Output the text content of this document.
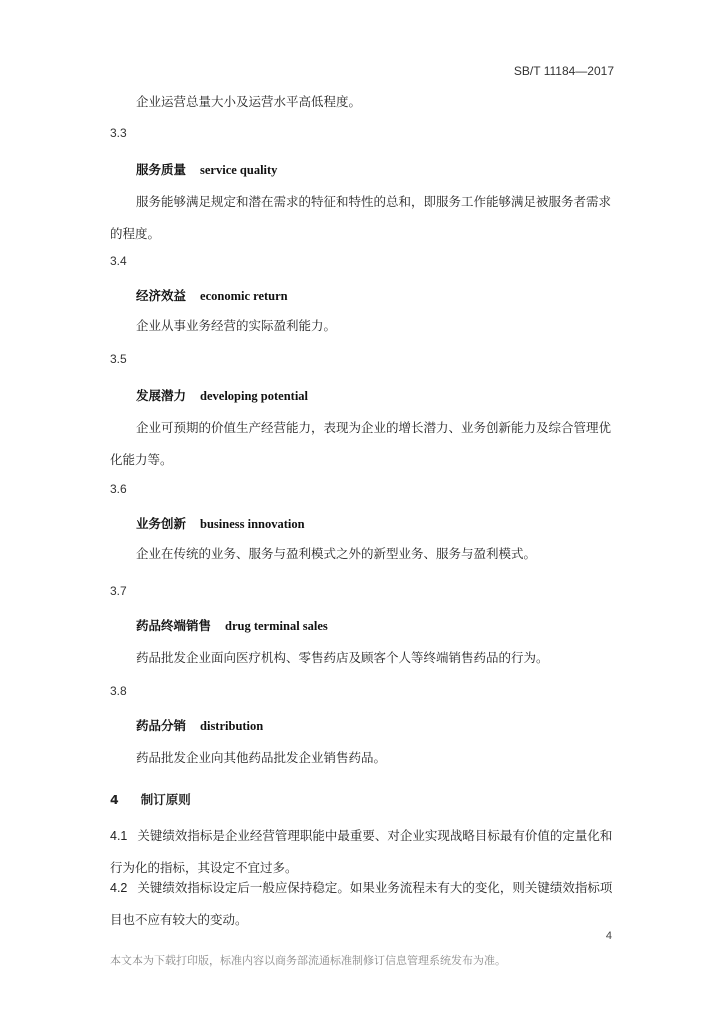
SB/T 11184—2017
企业运营总量大小及运营水平高低程度。
3.3
服务质量 service quality
服务能够满足规定和潜在需求的特征和特性的总和，即服务工作能够满足被服务者需求的程度。
3.4
经济效益 economic return
企业从事业务经营的实际盈利能力。
3.5
发展潜力 developing potential
企业可预期的价值生产经营能力，表现为企业的增长潜力、业务创新能力及综合管理优化能力等。
3.6
业务创新 business innovation
企业在传统的业务、服务与盈利模式之外的新型业务、服务与盈利模式。
3.7
药品终端销售 drug terminal sales
药品批发企业面向医疗机构、零售药店及顾客个人等终端销售药品的行为。
3.8
药品分销 distribution
药品批发企业向其他药品批发企业销售药品。
4 制订原则
4.1 关键绩效指标是企业经营管理职能中最重要、对企业实现战略目标最有价值的定量化和行为化的指标，其设定不宜过多。
4.2 关键绩效指标设定后一般应保持稳定。如果业务流程未有大的变化，则关键绩效指标项目也不应有较大的变动。
4
本文本为下载打印版，标准内容以商务部流通标准制修订信息管理系统发布为准。
